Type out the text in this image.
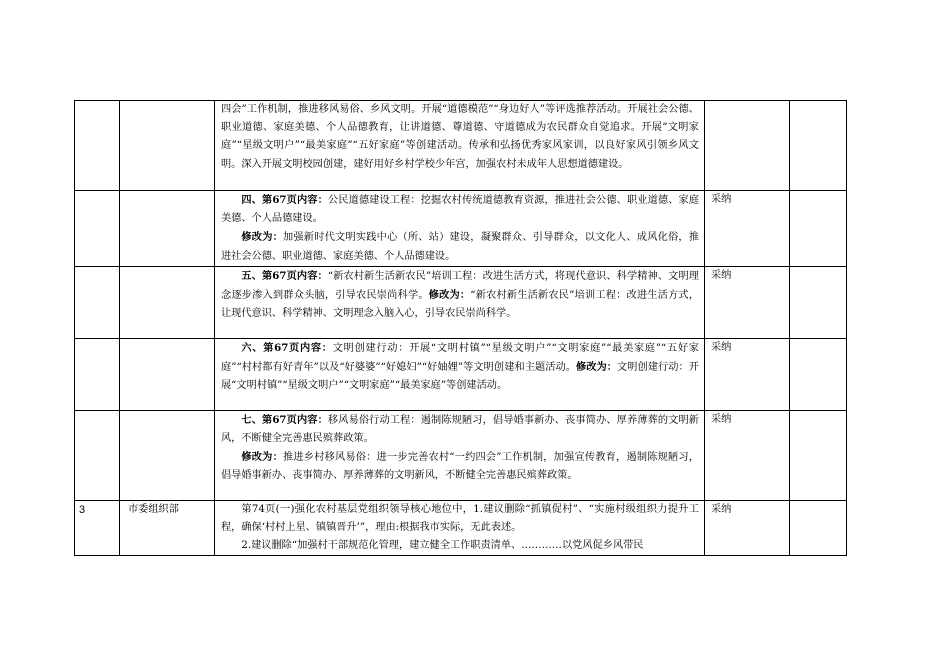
		四会”工作机制，推进移风易俗、乡风文明。开展“道德模范”“身边好人”等评选推荐活动。开展社会公德、职业道德、家庭美德、个人品德教育，让讲道德、尊道德、守道德成为农民群众自觉追求。开展“文明家庭”“星级文明户”“最美家庭”“五好家庭”等创建活动。传承和弘扬优秀家风家训，以良好家风引领乡风文明。深入开展文明校园创建，建好用好乡村学校少年宫，加强农村未成年人思想道德建设。		

		四、第67页内容：公民道德建设工程：挖掘农村传统道德教育资源，推进社会公德、职业道德、家庭美德、个人品德建设。

修改为：加强新时代文明实践中心（所、站）建设，凝聚群众、引导群众，以文化人、成风化俗，推进社会公德、职业道德、家庭美德、个人品德建设。	采纳	

		五、第67页内容：“新农村新生活新农民”培训工程：改进生活方式，将现代意识、科学精神、文明理念逐步渗入到群众头脑，引导农民崇尚科学。修改为：“新农村新生活新农民”培训工程：改进生活方式，让现代意识、科学精神、文明理念入脑入心，引导农民崇尚科学。	采纳	

		六、第67页内容：文明创建行动：开展“文明村镇”“星级文明户”“文明家庭”“最美家庭”“五好家庭”“村村都有好青年”以及“好婆婆”“好媳妇”“好妯娌”等文明创建和主题活动。修改为：文明创建行动：开展“文明村镇”“星级文明户”“文明家庭”“最美家庭”等创建活动。	采纳	

		七、第67页内容：移风易俗行动工程：遏制陈规陋习，倡导婚事新办、丧事简办、厚养薄葬的文明新风，不断健全完善惠民殡葬政策。

修改为：推进乡村移风易俗：进一步完善农村“一约四会”工作机制，加强宣传教育，遏制陈规陋习，倡导婚事新办、丧事简办、厚养薄葬的文明新风，不断健全完善惠民殡葬政策。	采纳	

3	市委组织部	第74页(一)强化农村基层党组织领导核心地位中，1.建议删除“抓镇促村”、“实施村级组织力提升工程，确保‘村村上星、镇镇晋升’”，理由:根据我市实际，无此表述。

2.建议删除“加强村干部规范化管理，建立健全工作职责清单、…………以党风促乡风带民	采纳	
